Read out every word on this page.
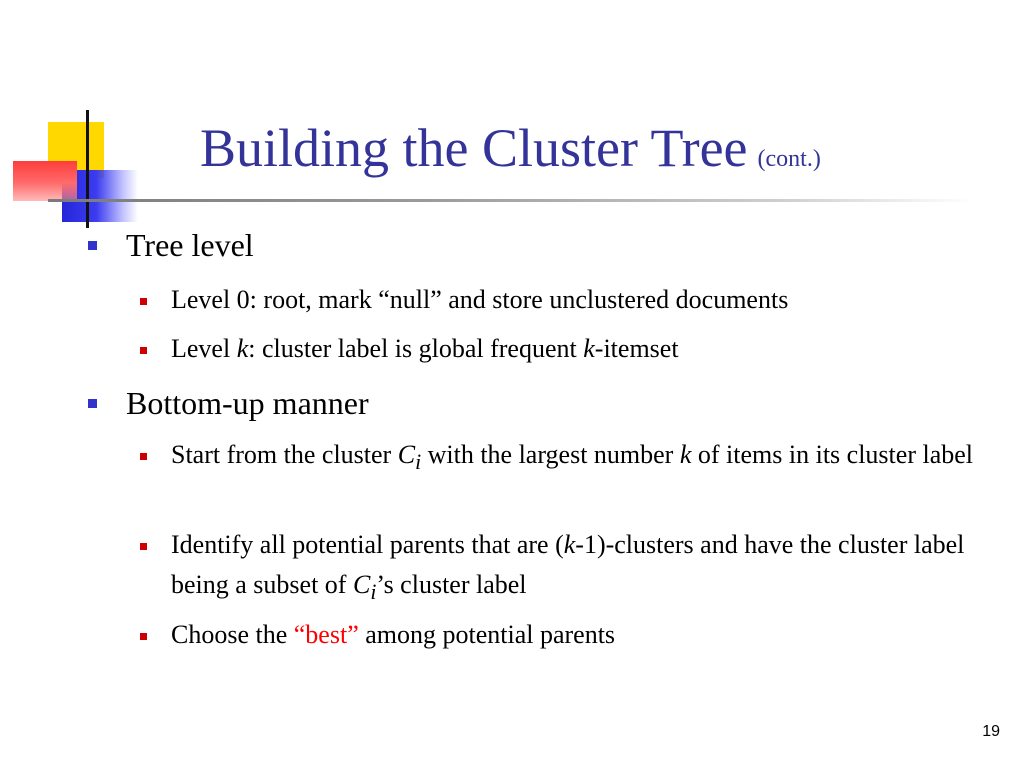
Building the Cluster Tree (cont.)
Tree level
Level 0: root, mark “null” and store unclustered documents
Level k: cluster label is global frequent k-itemset
Bottom-up manner
Start from the cluster $C_i$ with the largest number k of items in its cluster label
Identify all potential parents that are (k-1)-clusters and have the cluster label being a subset of $C_i’s$ cluster label
Choose the “best” among potential parents
19
